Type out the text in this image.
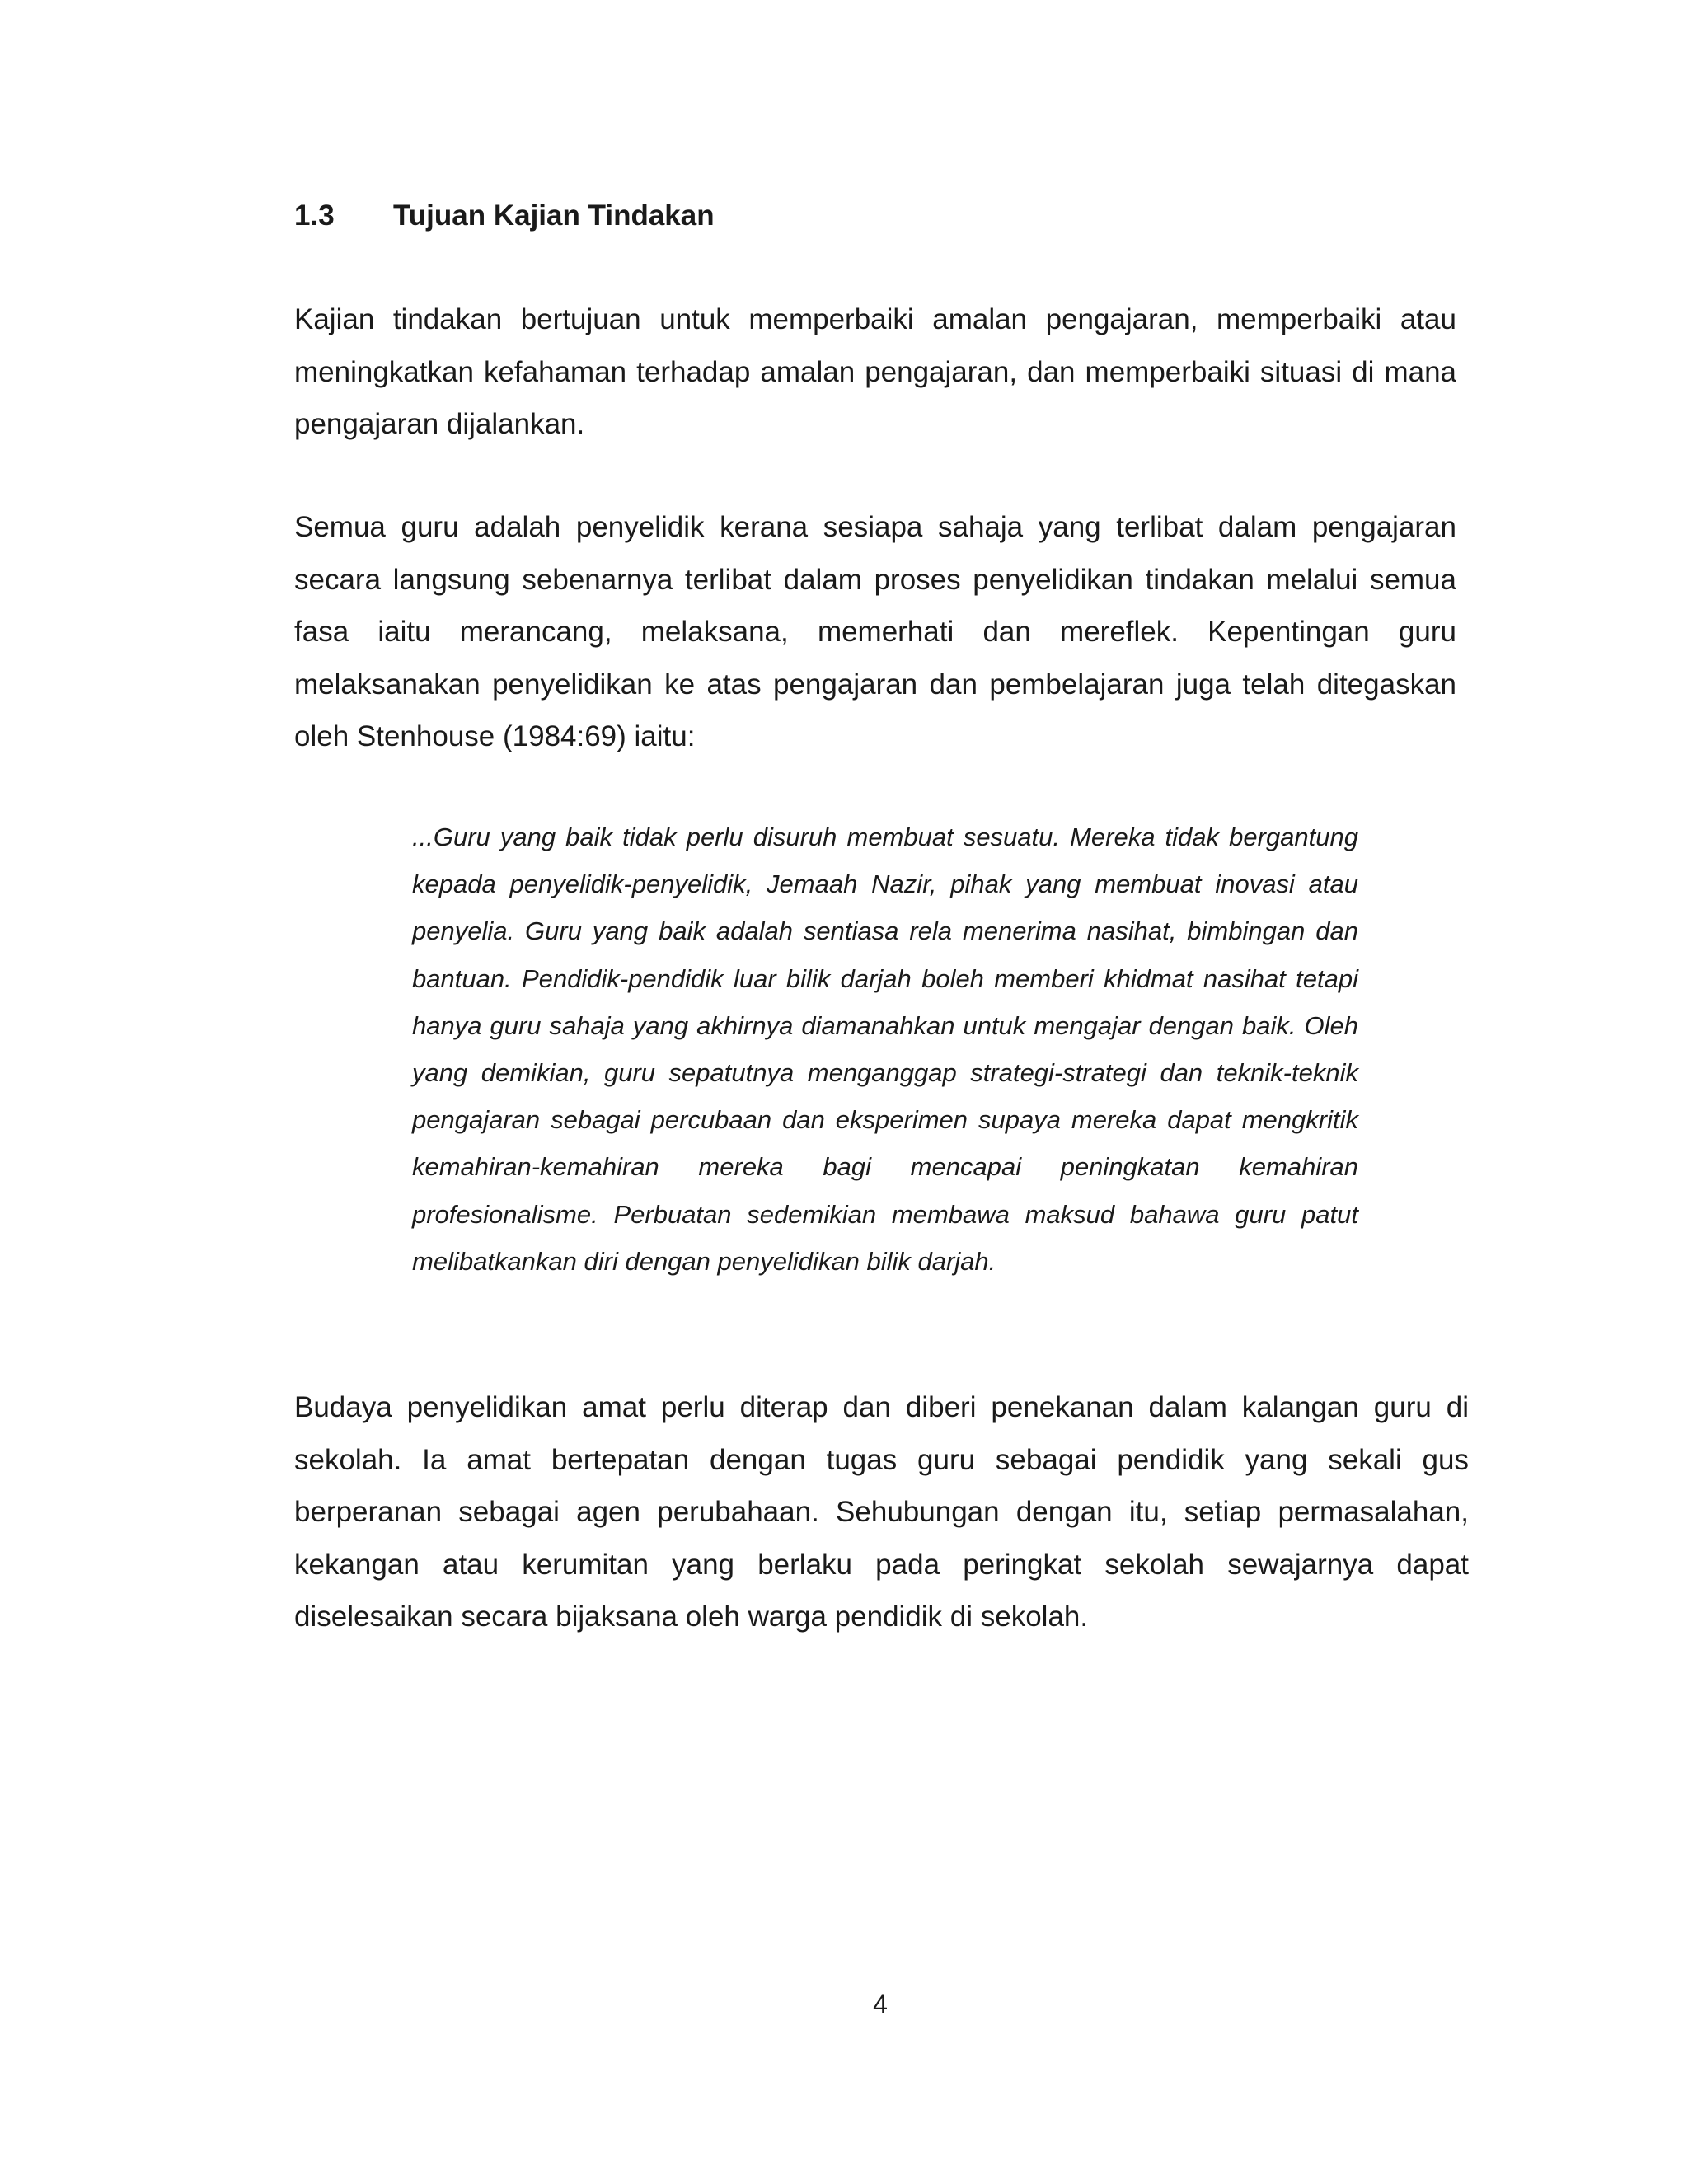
1.3 Tujuan Kajian Tindakan

Kajian tindakan bertujuan untuk memperbaiki amalan pengajaran, memperbaiki atau meningkatkan kefahaman terhadap amalan pengajaran, dan memperbaiki situasi di mana pengajaran dijalankan.

Semua guru adalah penyelidik kerana sesiapa sahaja yang terlibat dalam pengajaran secara langsung sebenarnya terlibat dalam proses penyelidikan tindakan melalui semua fasa iaitu merancang, melaksana, memerhati dan mereflek. Kepentingan guru melaksanakan penyelidikan ke atas pengajaran dan pembelajaran juga telah ditegaskan oleh Stenhouse (1984:69) iaitu:

...Guru yang baik tidak perlu disuruh membuat sesuatu. Mereka tidak bergantung kepada penyelidik-penyelidik, Jemaah Nazir, pihak yang membuat inovasi atau penyelia. Guru yang baik adalah sentiasa rela menerima nasihat, bimbingan dan bantuan. Pendidik-pendidik luar bilik darjah boleh memberi khidmat nasihat tetapi hanya guru sahaja yang akhirnya diamanahkan untuk mengajar dengan baik. Oleh yang demikian, guru sepatutnya menganggap strategi-strategi dan teknik-teknik pengajaran sebagai percubaan dan eksperimen supaya mereka dapat mengkritik kemahiran-kemahiran mereka bagi mencapai peningkatan kemahiran profesionalisme. Perbuatan sedemikian membawa maksud bahawa guru patut melibatkankan diri dengan penyelidikan bilik darjah.

Budaya penyelidikan amat perlu diterap dan diberi penekanan dalam kalangan guru di sekolah. Ia amat bertepatan dengan tugas guru sebagai pendidik yang sekali gus berperanan sebagai agen perubahaan. Sehubungan dengan itu, setiap permasalahan, kekangan atau kerumitan yang berlaku pada peringkat sekolah sewajarnya dapat diselesaikan secara bijaksana oleh warga pendidik di sekolah.

4
